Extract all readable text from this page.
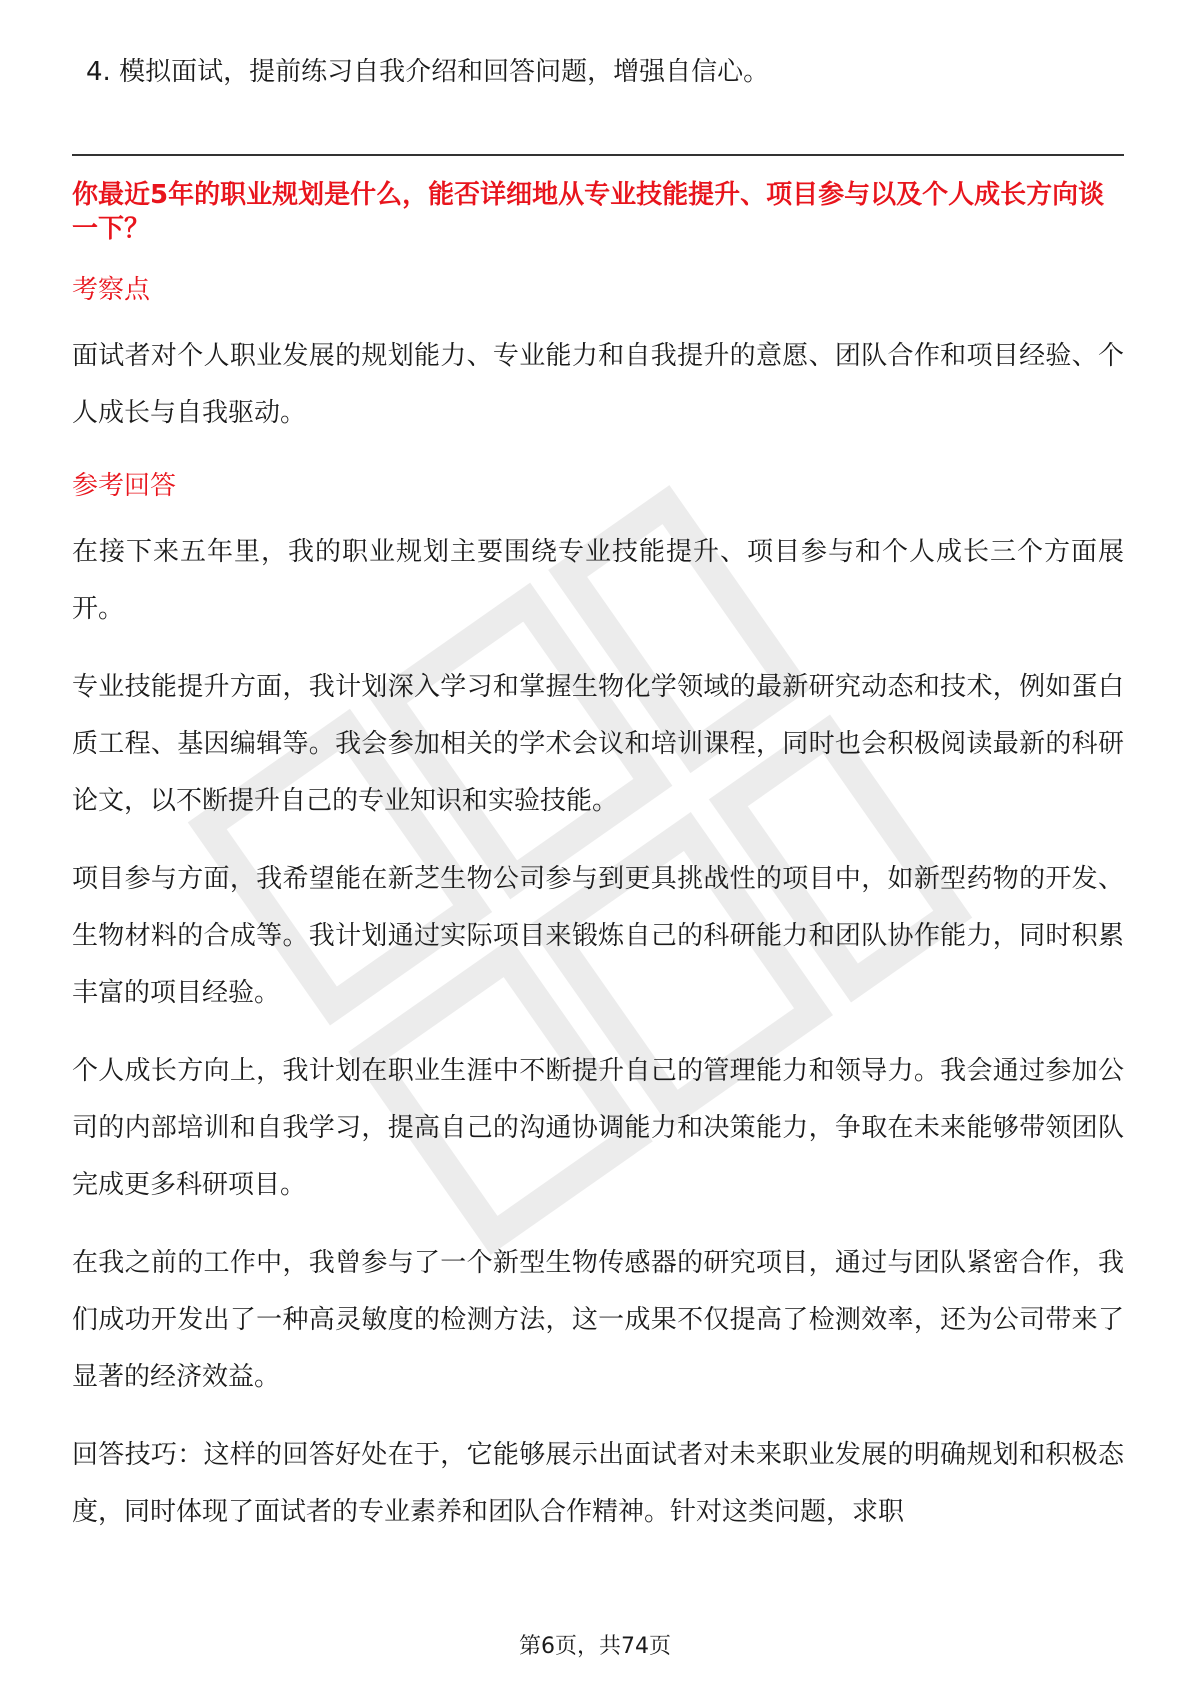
4. 模拟面试，提前练习自我介绍和回答问题，增强自信心。

你最近5年的职业规划是什么，能否详细地从专业技能提升、项目参与以及个人成长方向谈一下？

考察点

面试者对个人职业发展的规划能力、专业能力和自我提升的意愿、团队合作和项目经验、个人成长与自我驱动。

参考回答

在接下来五年里，我的职业规划主要围绕专业技能提升、项目参与和个人成长三个方面展开。

专业技能提升方面，我计划深入学习和掌握生物化学领域的最新研究动态和技术，例如蛋白质工程、基因编辑等。我会参加相关的学术会议和培训课程，同时也会积极阅读最新的科研论文，以不断提升自己的专业知识和实验技能。

项目参与方面，我希望能在新芝生物公司参与到更具挑战性的项目中，如新型药物的开发、生物材料的合成等。我计划通过实际项目来锻炼自己的科研能力和团队协作能力，同时积累丰富的项目经验。

个人成长方向上，我计划在职业生涯中不断提升自己的管理能力和领导力。我会通过参加公司的内部培训和自我学习，提高自己的沟通协调能力和决策能力，争取在未来能够带领团队完成更多科研项目。

在我之前的工作中，我曾参与了一个新型生物传感器的研究项目，通过与团队紧密合作，我们成功开发出了一种高灵敏度的检测方法，这一成果不仅提高了检测效率，还为公司带来了显著的经济效益。

回答技巧：这样的回答好处在于，它能够展示出面试者对未来职业发展的明确规划和积极态度，同时体现了面试者的专业素养和团队合作精神。针对这类问题，求职

第6页，共74页
